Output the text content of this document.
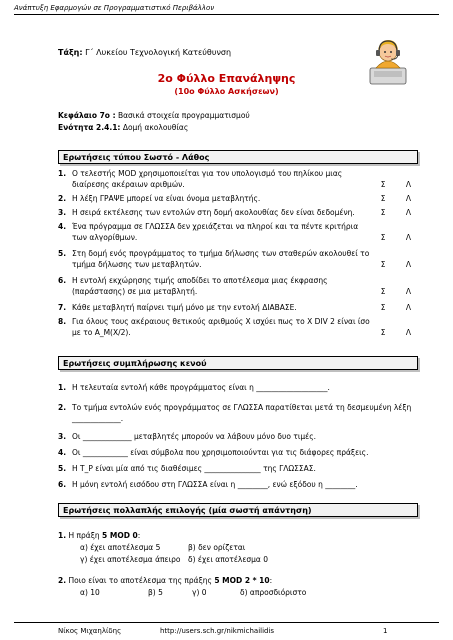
Ανάπτυξη Εφαρμογών σε Προγραμματιστικό Περιβάλλον
Τάξη: Γ΄ Λυκείου Τεχνολογική Κατεύθυνση
2ο Φύλλο Επανάληψης
(10ο Φύλλο Ασκήσεων)
Κεφάλαιο 7ο : Βασικά στοιχεία προγραμματισμού
Ενότητα 2.4.1: Δομή ακολουθίας
Ερωτήσεις τύπου Σωστό - Λάθος
1. Ο τελεστής MOD χρησιμοποιείται για τον υπολογισμό του πηλίκου μιας διαίρεσης ακέραιων αριθμών.	Σ Λ
2. Η λέξη ΓΡΑΨΕ μπορεί να είναι όνομα μεταβλητής.	Σ Λ
3. Η σειρά εκτέλεσης των εντολών στη δομή ακολουθίας δεν είναι δεδομένη.	Σ Λ
4. Ένα πρόγραμμα σε ΓΛΩΣΣΑ δεν χρειάζεται να πληροί και τα πέντε κριτήρια των αλγορίθμων.	Σ Λ
5. Στη δομή ενός προγράμματος το τμήμα δήλωσης των σταθερών ακολουθεί το τμήμα δήλωσης των μεταβλητών.	Σ Λ
6. Η εντολή εκχώρησης τιμής αποδίδει το αποτέλεσμα μιας έκφρασης (παράστασης) σε μια μεταβλητή.	Σ Λ
7. Κάθε μεταβλητή παίρνει τιμή μόνο με την εντολή ΔΙΑΒΑΣΕ.	Σ Λ
8. Για όλους τους ακέραιους θετικούς αριθμούς X ισχύει πως το X DIV 2 είναι ίσο με το A_M(X/2).	Σ Λ
Ερωτήσεις συμπλήρωσης κενού
1. Η τελευταία εντολή κάθε προγράμματος είναι η ___________________.
2. Το τμήμα εντολών ενός προγράμματος σε ΓΛΩΣΣΑ παρατίθεται μετά τη δεσμευμένη λέξη _____________.
3. Οι _____________ μεταβλητές μπορούν να λάβουν μόνο δυο τιμές.
4. Οι ____________ είναι σύμβολα που χρησιμοποιούνται για τις διάφορες πράξεις.
5. Η Τ_Ρ είναι μία από τις διαθέσιμες _______________ της ΓΛΩΣΣΑΣ.
6. Η μόνη εντολή εισόδου στη ΓΛΩΣΣΑ είναι η ________, ενώ εξόδου η ________.
Ερωτήσεις πολλαπλής επιλογής (μία σωστή απάντηση)
1. Η πράξη 5 MOD 0:
α) έχει αποτέλεσμα 5	β) δεν ορίζεται
γ) έχει αποτέλεσμα άπειρο δ) έχει αποτέλεσμα 0
2. Ποιο είναι το αποτέλεσμα της πράξης 5 MOD 2 * 10:
α) 10	β) 5	γ) 0	δ) απροσδιόριστο
Νίκος Μιχαηλίδης	http://users.sch.gr/nikmichailidis	1
